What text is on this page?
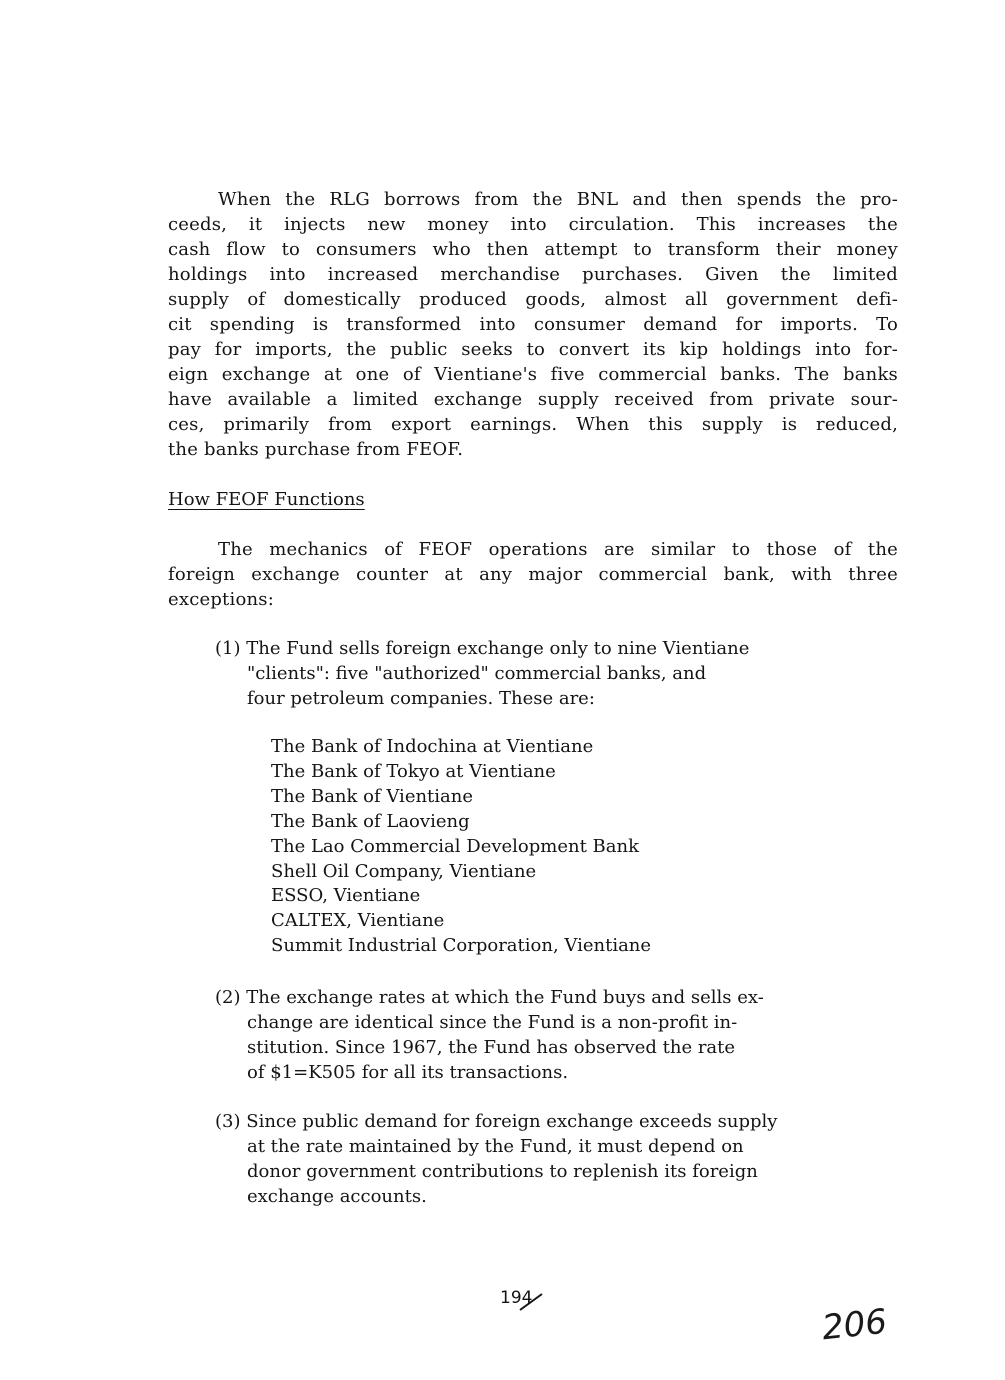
When the RLG borrows from the BNL and then spends the pro-
ceeds, it injects new money into circulation. This increases the
cash flow to consumers who then attempt to transform their money
holdings into increased merchandise purchases. Given the limited
supply of domestically produced goods, almost all government defi-
cit spending is transformed into consumer demand for imports. To
pay for imports, the public seeks to convert its kip holdings into for-
eign exchange at one of Vientiane's five commercial banks. The banks
have available a limited exchange supply received from private sour-
ces, primarily from export earnings. When this supply is reduced,
the banks purchase from FEOF.
How FEOF Functions
The mechanics of FEOF operations are similar to those of the
foreign exchange counter at any major commercial bank, with three
exceptions:
(1) The Fund sells foreign exchange only to nine Vientiane
"clients": five "authorized" commercial banks, and
four petroleum companies. These are:
The Bank of Indochina at Vientiane
The Bank of Tokyo at Vientiane
The Bank of Vientiane
The Bank of Laovieng
The Lao Commercial Development Bank
Shell Oil Company, Vientiane
ESSO, Vientiane
CALTEX, Vientiane
Summit Industrial Corporation, Vientiane
(2) The exchange rates at which the Fund buys and sells ex-
change are identical since the Fund is a non-profit in-
stitution. Since 1967, the Fund has observed the rate
of $1=K505 for all its transactions.
(3) Since public demand for foreign exchange exceeds supply
at the rate maintained by the Fund, it must depend on
donor government contributions to replenish its foreign
exchange accounts.
194
206
